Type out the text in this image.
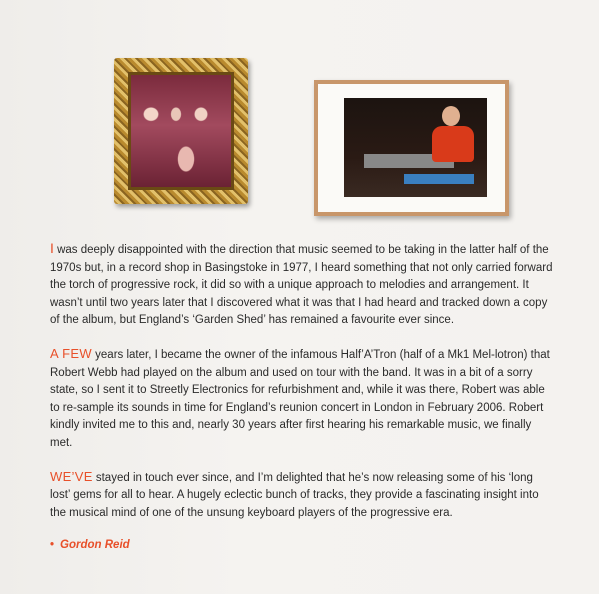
I was deeply disappointed with the direction that music seemed to be taking in the latter half of the 1970s but, in a record shop in Basingstoke in 1977, I heard something that not only carried forward the torch of progressive rock, it did so with a unique approach to melodies and arrangement. It wasn’t until two years later that I discovered what it was that I had heard and tracked down a copy of the album, but England’s ‘Garden Shed’ has remained a favourite ever since.

A FEW years later, I became the owner of the infamous Half’A’Tron (half of a Mk1 Mel-lotron) that Robert Webb had played on the album and used on tour with the band. It was in a bit of a sorry state, so I sent it to Streetly Electronics for refurbishment and, while it was there, Robert was able to re-sample its sounds in time for England’s reunion concert in London in February 2006. Robert kindly invited me to this and, nearly 30 years after first hearing his remarkable music, we finally met.

WE’VE stayed in touch ever since, and I’m delighted that he’s now releasing some of his ‘long lost’ gems for all to hear. A hugely eclectic bunch of tracks, they provide a fascinating insight into the musical mind of one of the unsung keyboard players of the progressive era.

• Gordon Reid
